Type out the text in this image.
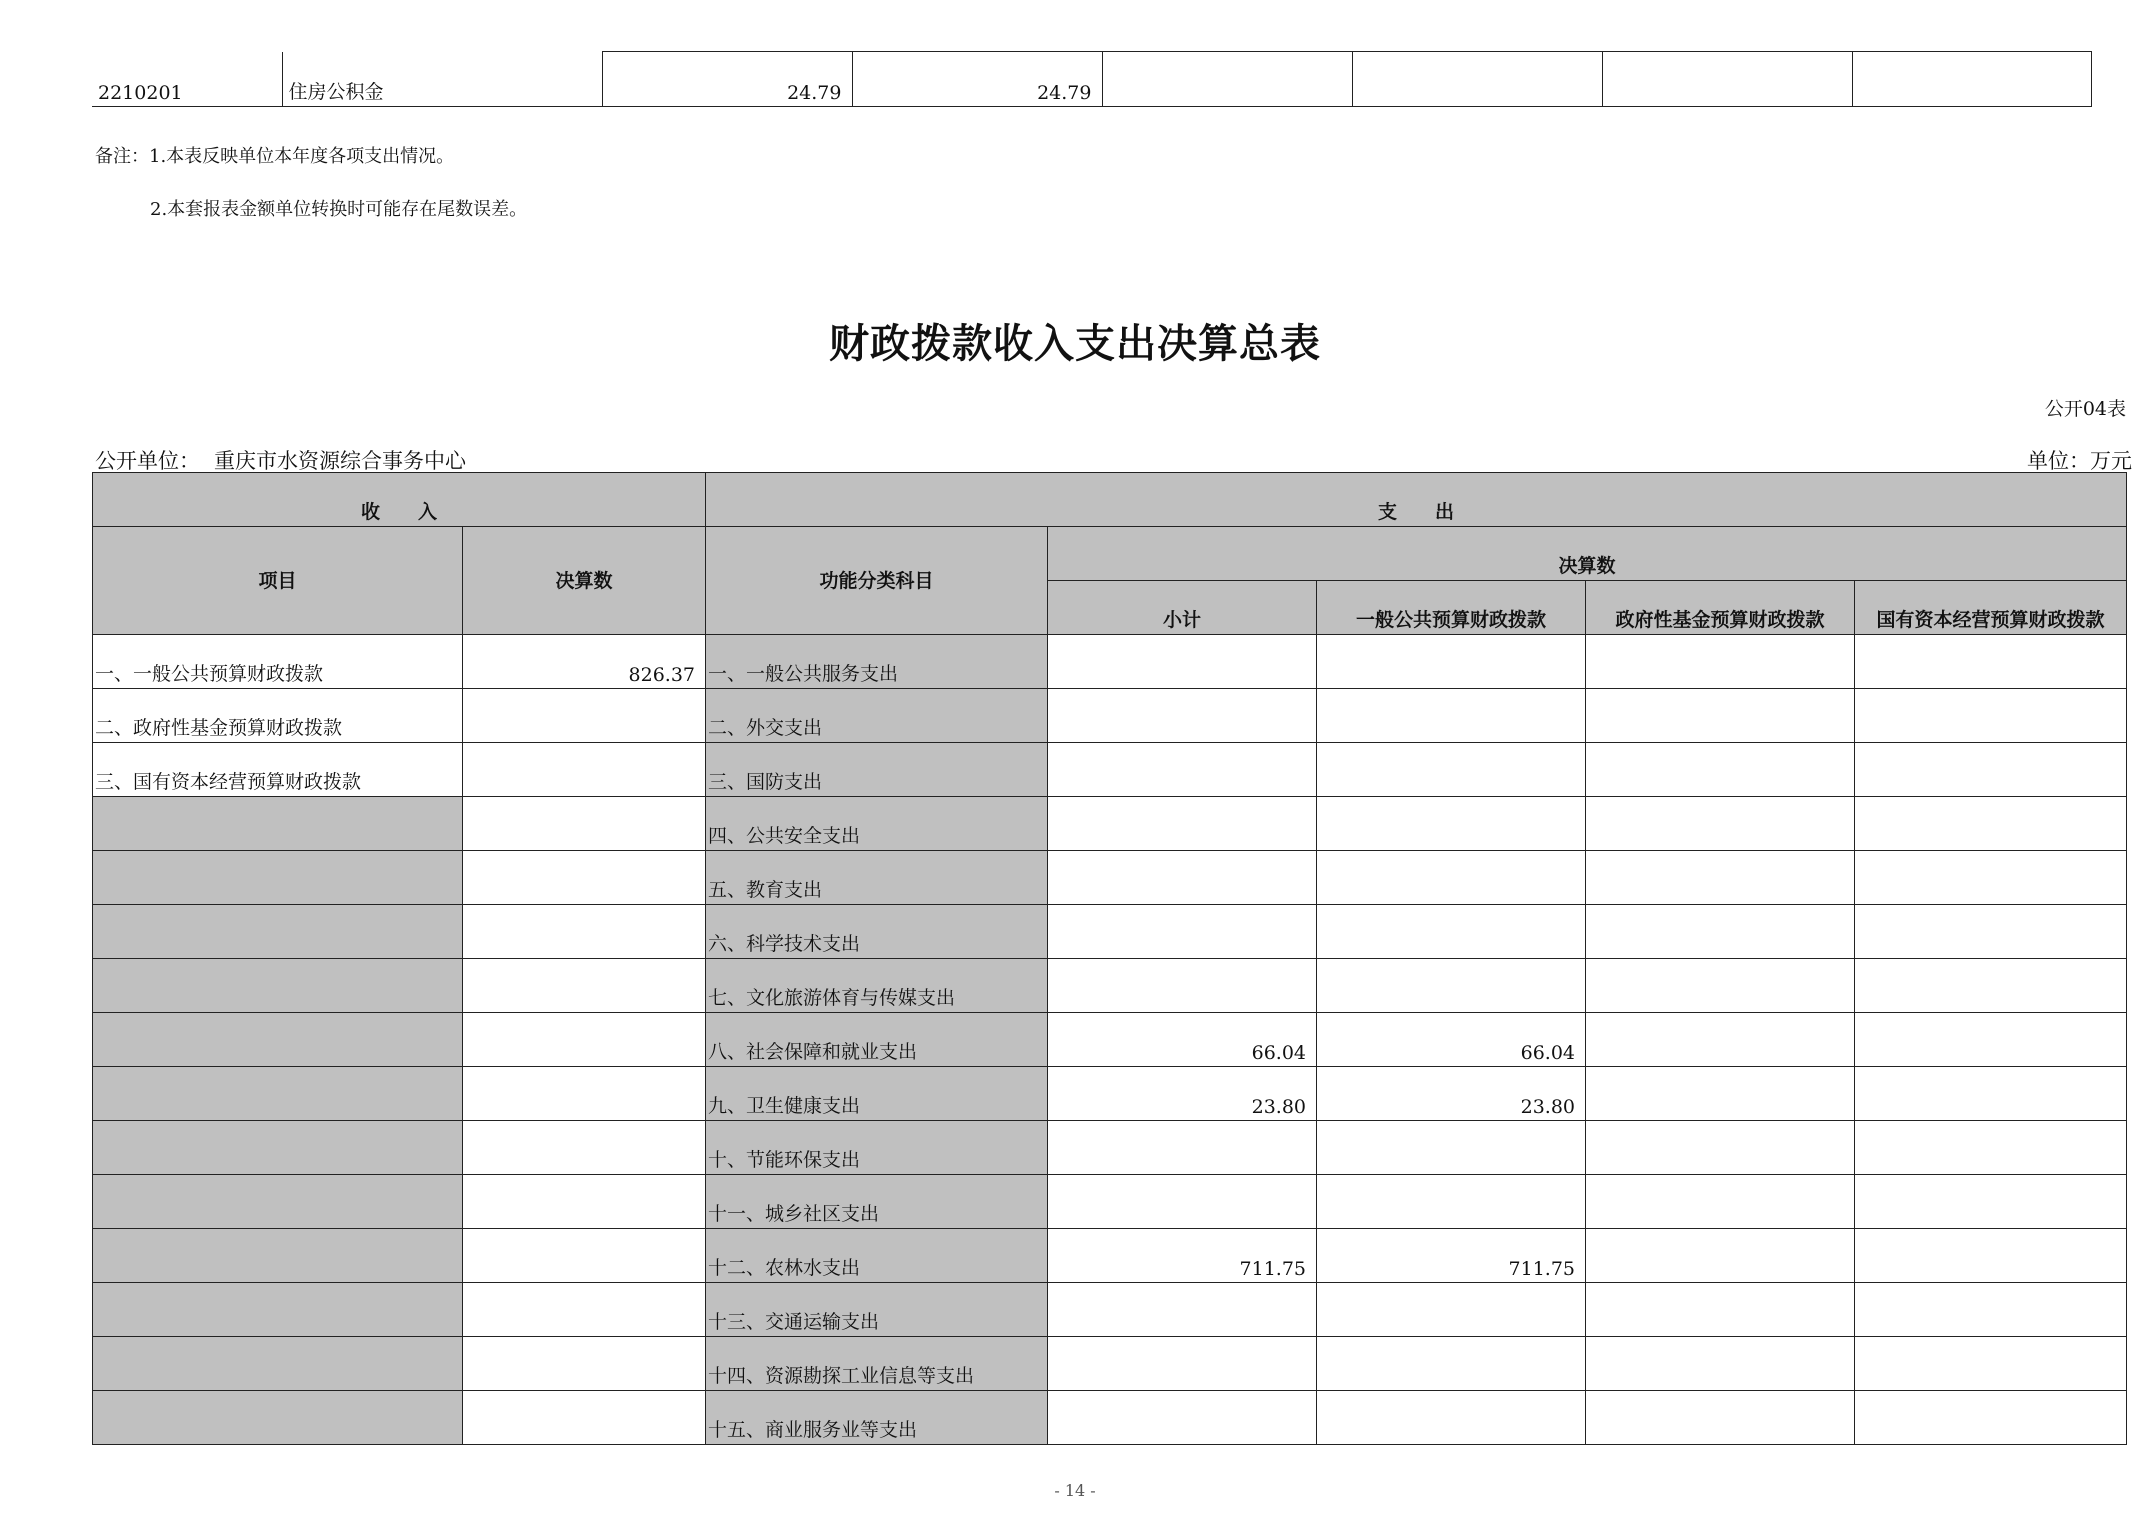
2210201	住房公积金	24.79	24.79				
备注：1.本表反映单位本年度各项支出情况。
2.本套报表金额单位转换时可能存在尾数误差。
财政拨款收入支出决算总表
公开04表
公开单位： 重庆市水资源综合事务中心	单位：万元
收　　入		支　　出				
项目	决算数	功能分类科目	决算数			
			小计	一般公共预算财政拨款	政府性基金预算财政拨款	国有资本经营预算财政拨款
一、一般公共预算财政拨款	826.37	一、一般公共服务支出				
二、政府性基金预算财政拨款		二、外交支出				
三、国有资本经营预算财政拨款		三、国防支出				
		四、公共安全支出				
		五、教育支出				
		六、科学技术支出				
		七、文化旅游体育与传媒支出				
		八、社会保障和就业支出	66.04	66.04		
		九、卫生健康支出	23.80	23.80		
		十、节能环保支出				
		十一、城乡社区支出				
		十二、农林水支出	711.75	711.75		
		十三、交通运输支出				
		十四、资源勘探工业信息等支出				
		十五、商业服务业等支出				
- 14 -
